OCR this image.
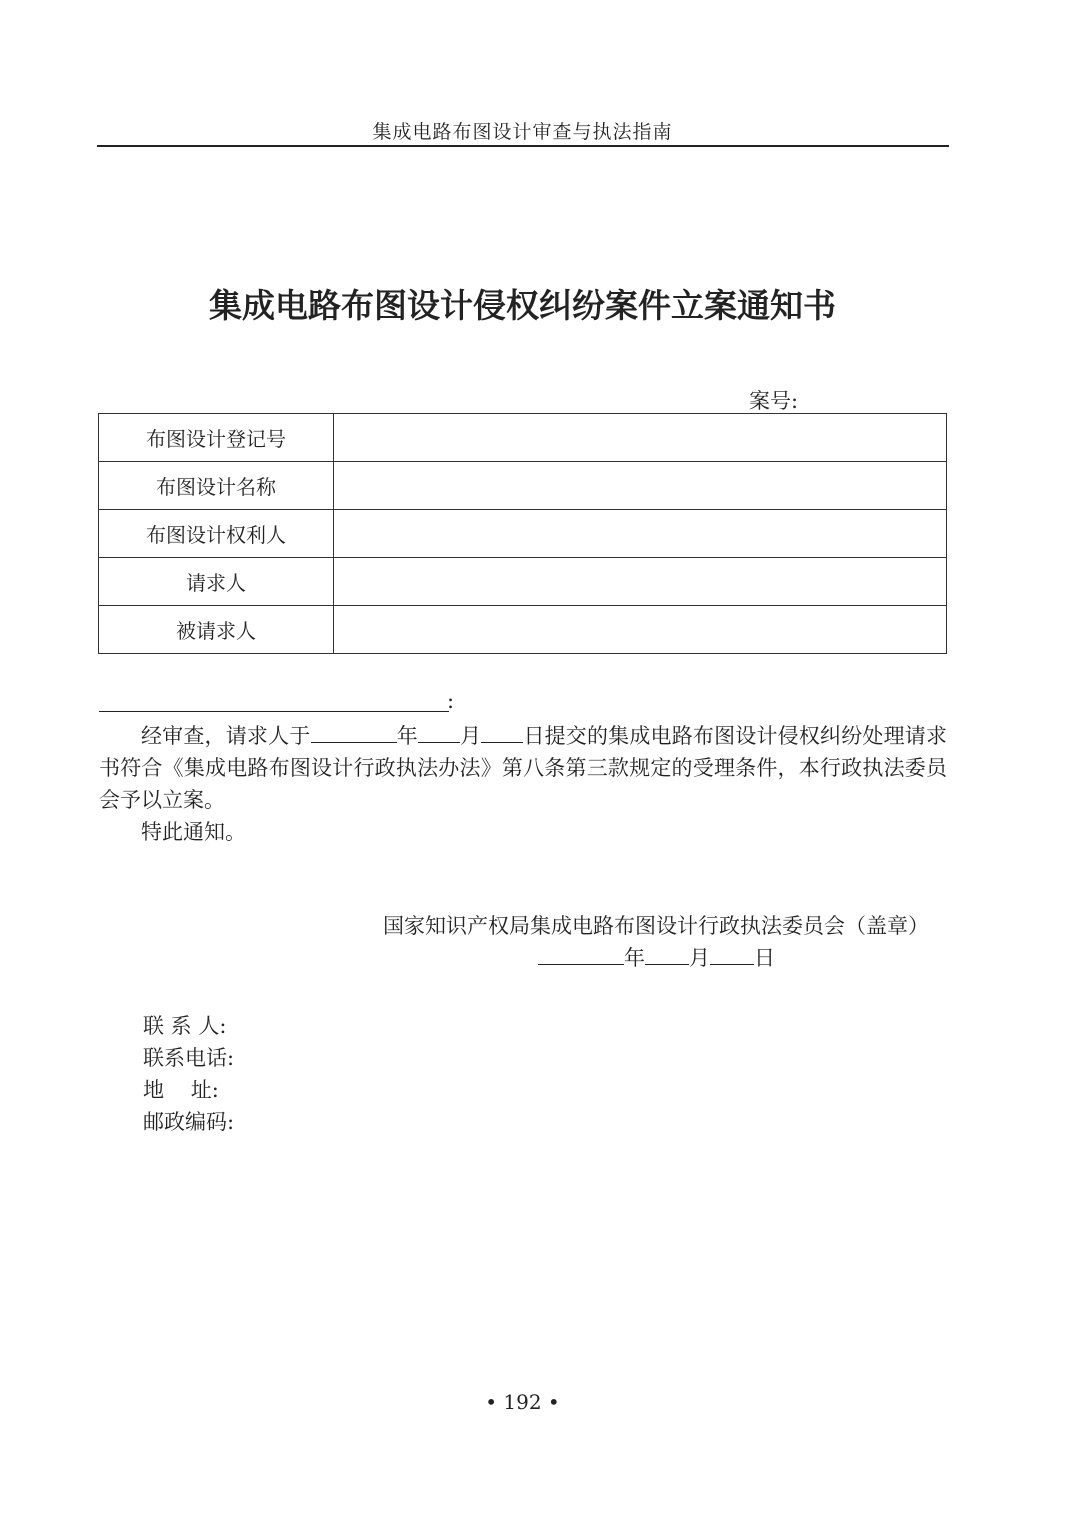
集成电路布图设计审查与执法指南
集成电路布图设计侵权纠纷案件立案通知书
案号:
布图设计登记号	
布图设计名称	
布图设计权利人	
请求人	
被请求人	
:

经审查，请求人于	年 月 日提交的集成电路布图设计侵权纠纷处理请求书符合《集成电路布图设计行政执法办法》第八条第三款规定的受理条件，本行政执法委员会予以立案。

特此通知。

国家知识产权局集成电路布图设计行政执法委员会（盖章）
年 月 日
联 系 人:
联系电话:
地    址:
邮政编码:
• 192 •
